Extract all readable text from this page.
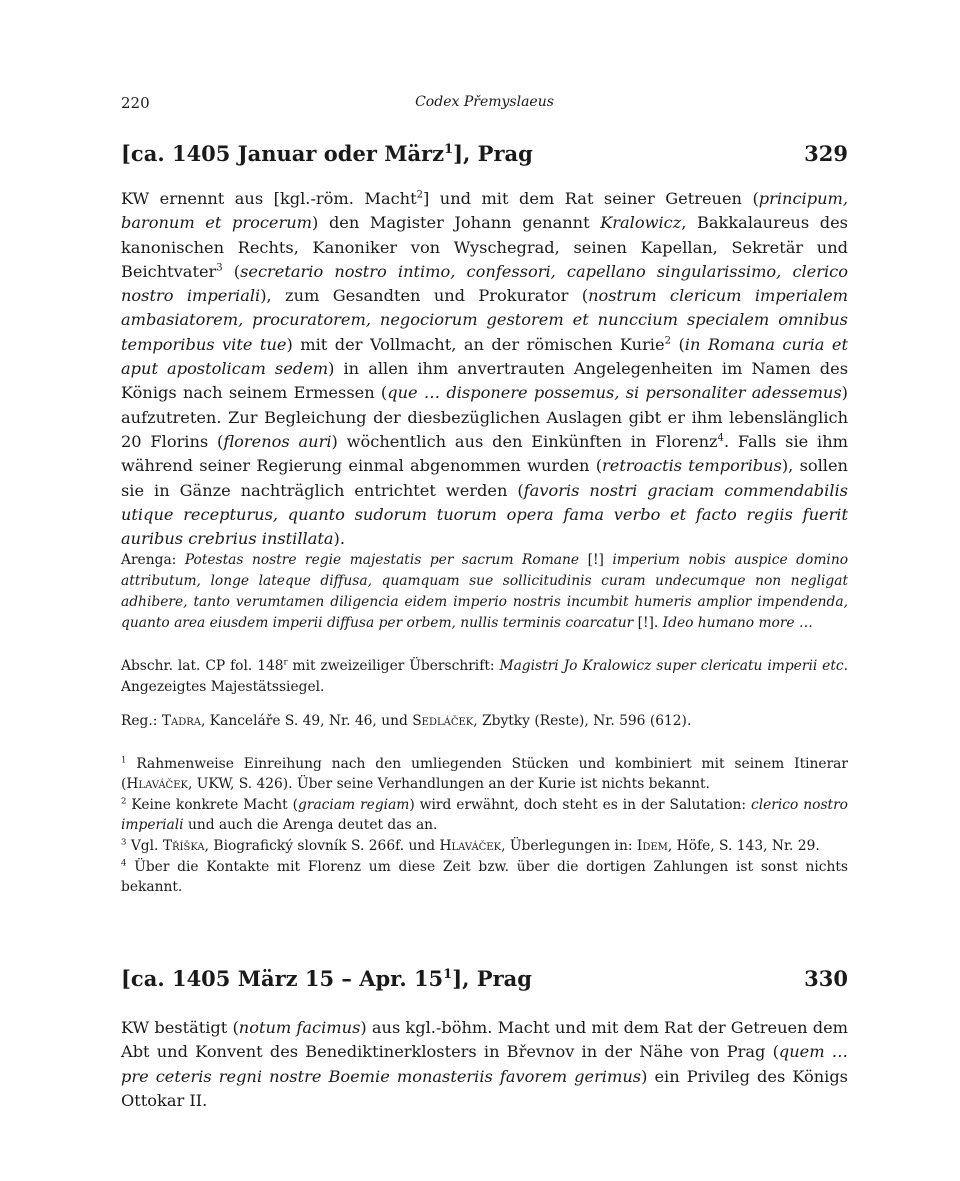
220	Codex Přemyslaeus
[ca. 1405 Januar oder März$^1$], Prag	329

KW ernennt aus [kgl.-röm. Macht$^2$] und mit dem Rat seiner Getreuen (principum, baronum et procerum) den Magister Johann genannt Kralowicz, Bakkalaureus des kanonischen Rechts, Kanoniker von Wyschegrad, seinen Kapellan, Sekretär und Beichtvater$^3$ (secretario nostro intimo, confessori, capellano singularissimo, clerico nostro imperiali), zum Gesandten und Prokurator (nostrum clericum imperialem ambasiatorem, procuratorem, negociorum gestorem et nunccium specialem omnibus temporibus vite tue) mit der Vollmacht, an der römischen Kurie$^2$ (in Romana curia et aput apostolicam sedem) in allen ihm anvertrauten Angelegenheiten im Namen des Königs nach seinem Ermessen (que … disponere possemus, si personaliter adessemus) aufzutreten. Zur Begleichung der diesbezüglichen Auslagen gibt er ihm lebenslänglich 20 Florins (florenos auri) wöchentlich aus den Einkünften in Florenz$^4$. Falls sie ihm während seiner Regierung einmal abgenommen wurden (retroactis temporibus), sollen sie in Gänze nachträglich entrichtet werden (favoris nostri graciam commendabilis utique recepturus, quanto sudorum tuorum opera fama verbo et facto regiis fuerit auribus crebrius instillata).

Arenga: Potestas nostre regie majestatis per sacrum Romane [!] imperium nobis auspice domino attributum, longe lateque diffusa, quamquam sue sollicitudinis curam undecumque non negligat adhibere, tanto verumtamen diligencia eidem imperio nostris incumbit humeris amplior impendenda, quanto area eiusdem imperii diffusa per orbem, nullis terminis coarcatur [!]. Ideo humano more …

Abschr. lat. CP fol. 148$^r$ mit zweizeiliger Überschrift: Magistri Jo Kralowicz super clericatu imperii etc. Angezeigtes Majestätssiegel.

Reg.: Tadra, Kanceláře S. 49, Nr. 46, und Sedláček, Zbytky (Reste), Nr. 596 (612).

$^1$ Rahmenweise Einreihung nach den umliegenden Stücken und kombiniert mit seinem Itinerar (Hlaváček, UKW, S. 426). Über seine Verhandlungen an der Kurie ist nichts bekannt.

$^2$ Keine konkrete Macht (graciam regiam) wird erwähnt, doch steht es in der Salutation: clerico nostro imperiali und auch die Arenga deutet das an.

$^3$ Vgl. Tříška, Biografický slovník S. 266f. und Hlaváček, Überlegungen in: Idem, Höfe, S. 143, Nr. 29.

$^4$ Über die Kontakte mit Florenz um diese Zeit bzw. über die dortigen Zahlungen ist sonst nichts bekannt.

[ca. 1405 März 15 – Apr. $15^1$], Prag	330

KW bestätigt (notum facimus) aus kgl.-böhm. Macht und mit dem Rat der Getreuen dem Abt und Konvent des Benediktinerklosters in Břevnov in der Nähe von Prag (quem … pre ceteris regni nostre Boemie monasteriis favorem gerimus) ein Privileg des Königs Ottokar II.
